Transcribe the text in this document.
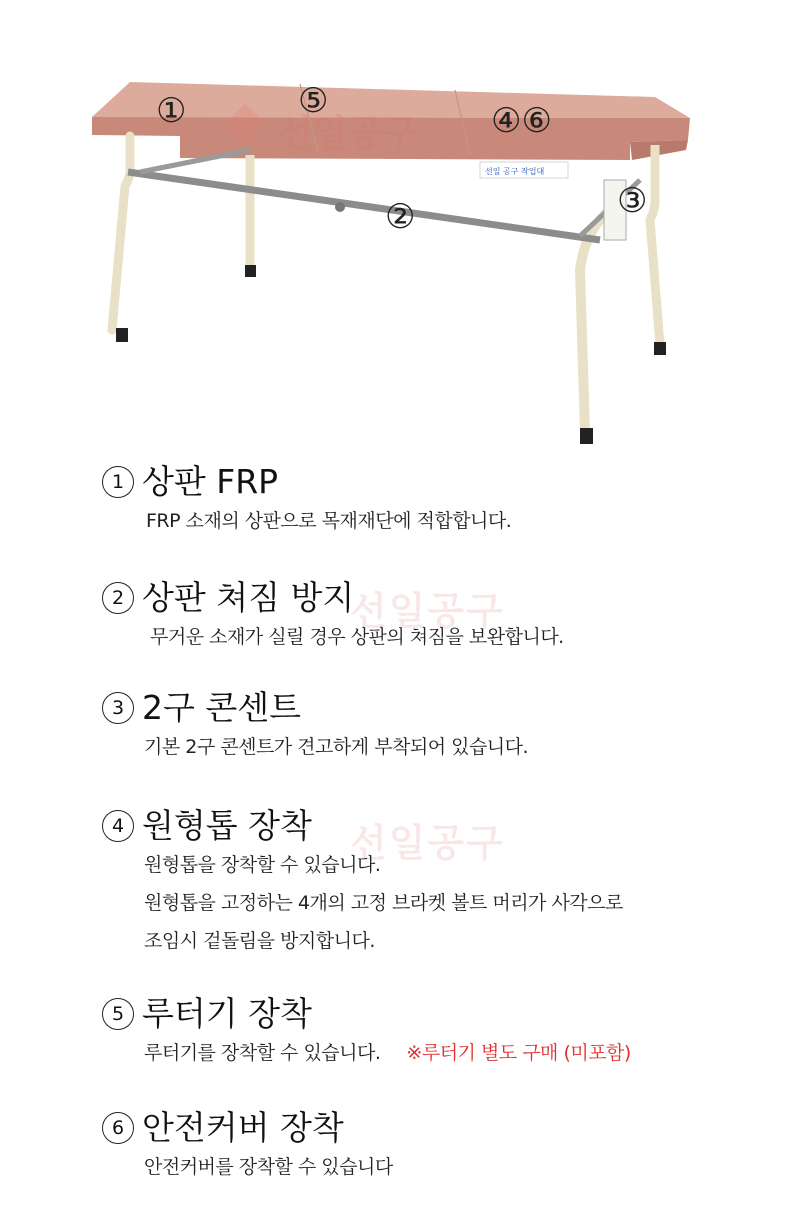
선일 공구 작업대
선일공구
①	⑤	④⑥
②	③
선일공구
선일공구
1 상판 FRP
FRP 소재의 상판으로 목재재단에 적합합니다.
2 상판 쳐짐 방지
무거운 소재가 실릴 경우 상판의 쳐짐을 보완합니다.
3 2구 콘센트
기본 2구 콘센트가 견고하게 부착되어 있습니다.
4 원형톱 장착
원형톱을 장착할 수 있습니다.
원형톱을 고정하는 4개의 고정 브라켓 볼트 머리가 사각으로
조임시 겉돌림을 방지합니다.
5 루터기 장착
루터기를 장착할 수 있습니다. ※루터기 별도 구매 (미포함)
6 안전커버 장착
안전커버를 장착할 수 있습니다
